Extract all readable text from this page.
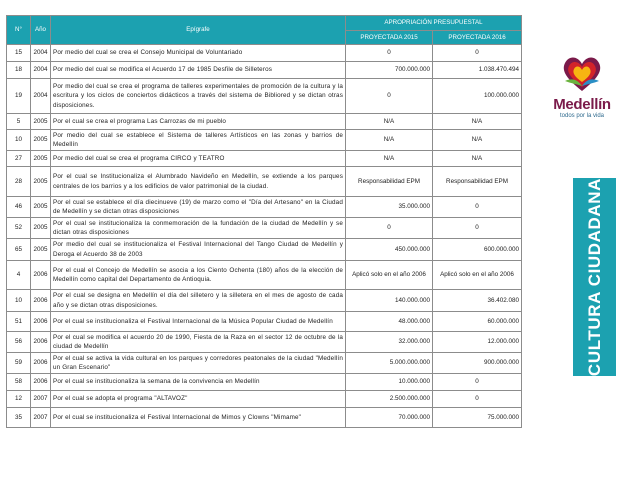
N°	Año	Epígrafe	APROPRIACIÓN PRESUPUESTAL	
			PROYECTADA 2015	PROYECTADA 2016
15	2004	Por medio del cual se crea el Consejo Municipal de Voluntariado	0	0
18	2004	Por medio del cual se modifica el Acuerdo 17 de 1985 Desfile de Silleteros	700.000.000	1.038.470.494
19	2004	Por medio del cual se crea el programa de talleres experimentales de promoción de la cultura y la escritura y los ciclos de conciertos didácticos a través del sistema de Bibliored y se dictan otras disposiciones.	0	100.000.000
5	2005	Por el cual se crea el programa Las Carrozas de mi pueblo	N/A	N/A
10	2005	Por medio del cual se establece el Sistema de talleres Artísticos en las zonas y barrios de Medellín	N/A	N/A
27	2005	Por medio del cual se crea el programa CIRCO y TEATRO	N/A	N/A
28	2005	Por el cual se Institucionaliza el Alumbrado Navideño en Medellín, se extiende a los parques centrales de los barrios y a los edificios de valor patrimonial de la ciudad.	Responsabilidad EPM	Responsabilidad EPM
46	2005	Por el cual se establece el día diecinueve (19) de marzo como el "Día del Artesano" en la Ciudad de Medellín y se dictan otras disposiciones	35.000.000	0
52	2005	Por el cual se institucionaliza la conmemoración de la fundación de la ciudad de Medellín y se dictan otras disposiciones	0	0
65	2005	Por medio del cual se institucionaliza el Festival Internacional del Tango Ciudad de Medellín y Deroga el Acuerdo 38 de 2003	450.000.000	600.000.000
4	2006	Por el cual el Concejo de Medellín se asocia a los Ciento Ochenta (180) años de la elección de Medellín como capital del Departamento de Antioquia.	Aplicó solo en el año 2006	Aplicó solo en el año 2006
10	2006	Por el cual se designa en Medellín el día del silletero y la silletera en el mes de agosto de cada año y se dictan otras disposiciones.	140.000.000	36.402.080
51	2006	Por el cual se institucionaliza el Festival Internacional de la Música Popular Ciudad de Medellín	48.000.000	60.000.000
56	2006	Por el cual se modifica el acuerdo 20 de 1990, Fiesta de la Raza en el sector 12 de octubre de la ciudad de Medellín	32.000.000	12.000.000
59	2006	Por el cual se activa la vida cultural en los parques y corredores peatonales de la ciudad "Medellín un Gran Escenario"	5.000.000.000	900.000.000
58	2006	Por el cual se institucionaliza la semana de la convivencia en Medellín	10.000.000	0
12	2007	Por el cual se adopta el programa "ALTAVOZ"	2.500.000.000	0
35	2007	Por el cual se institucionaliza el Festival Internacional de Mimos y Clowns "Mimame"	70.000.000	75.000.000
Medellín
todos por la vida
CULTURA CIUDADANA
